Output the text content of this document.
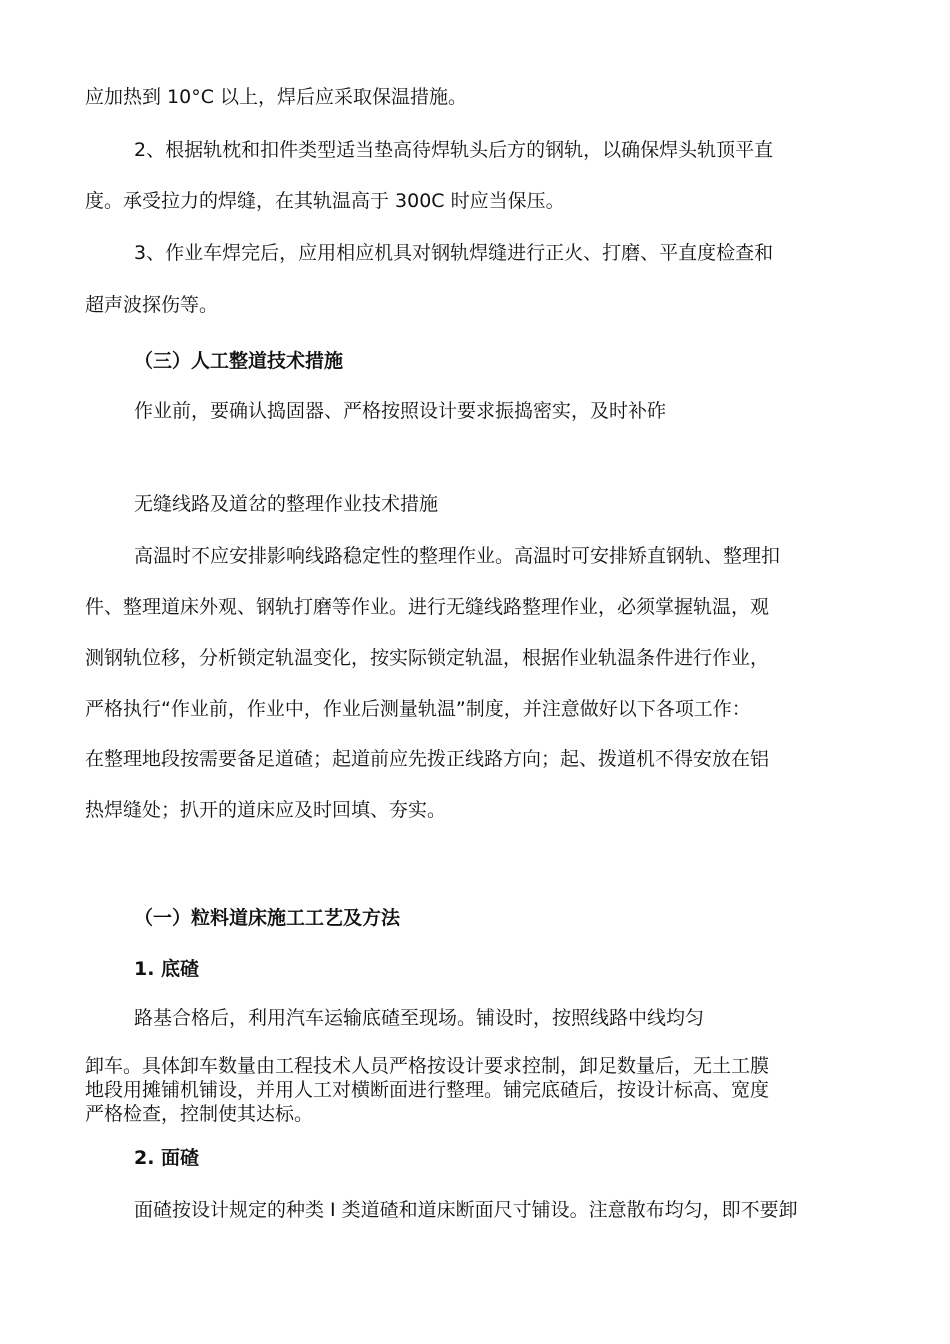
应加热到 10°C 以上，焊后应采取保温措施。
2、根据轨枕和扣件类型适当垫高待焊轨头后方的钢轨，以确保焊头轨顶平直
度。承受拉力的焊缝，在其轨温高于 300C 时应当保压。
3、作业车焊完后，应用相应机具对钢轨焊缝进行正火、打磨、平直度检查和
超声波探伤等。
（三）人工整道技术措施
作业前，要确认捣固器、严格按照设计要求振捣密实，及时补砟
无缝线路及道岔的整理作业技术措施
高温时不应安排影响线路稳定性的整理作业。高温时可安排矫直钢轨、整理扣
件、整理道床外观、钢轨打磨等作业。进行无缝线路整理作业，必须掌握轨温，观
测钢轨位移，分析锁定轨温变化，按实际锁定轨温，根据作业轨温条件进行作业，
严格执行“作业前，作业中，作业后测量轨温”制度，并注意做好以下各项工作：
在整理地段按需要备足道碴；起道前应先拨正线路方向；起、拨道机不得安放在铝
热焊缝处；扒开的道床应及时回填、夯实。
（一）粒料道床施工工艺及方法
1. 底碴
路基合格后，利用汽车运输底碴至现场。铺设时，按照线路中线均匀
卸车。具体卸车数量由工程技术人员严格按设计要求控制，卸足数量后，无土工膜
地段用摊铺机铺设，并用人工对横断面进行整理。铺完底碴后，按设计标高、宽度
严格检查，控制使其达标。
2. 面碴
面碴按设计规定的种类 I 类道碴和道床断面尺寸铺设。注意散布均匀，即不要卸
